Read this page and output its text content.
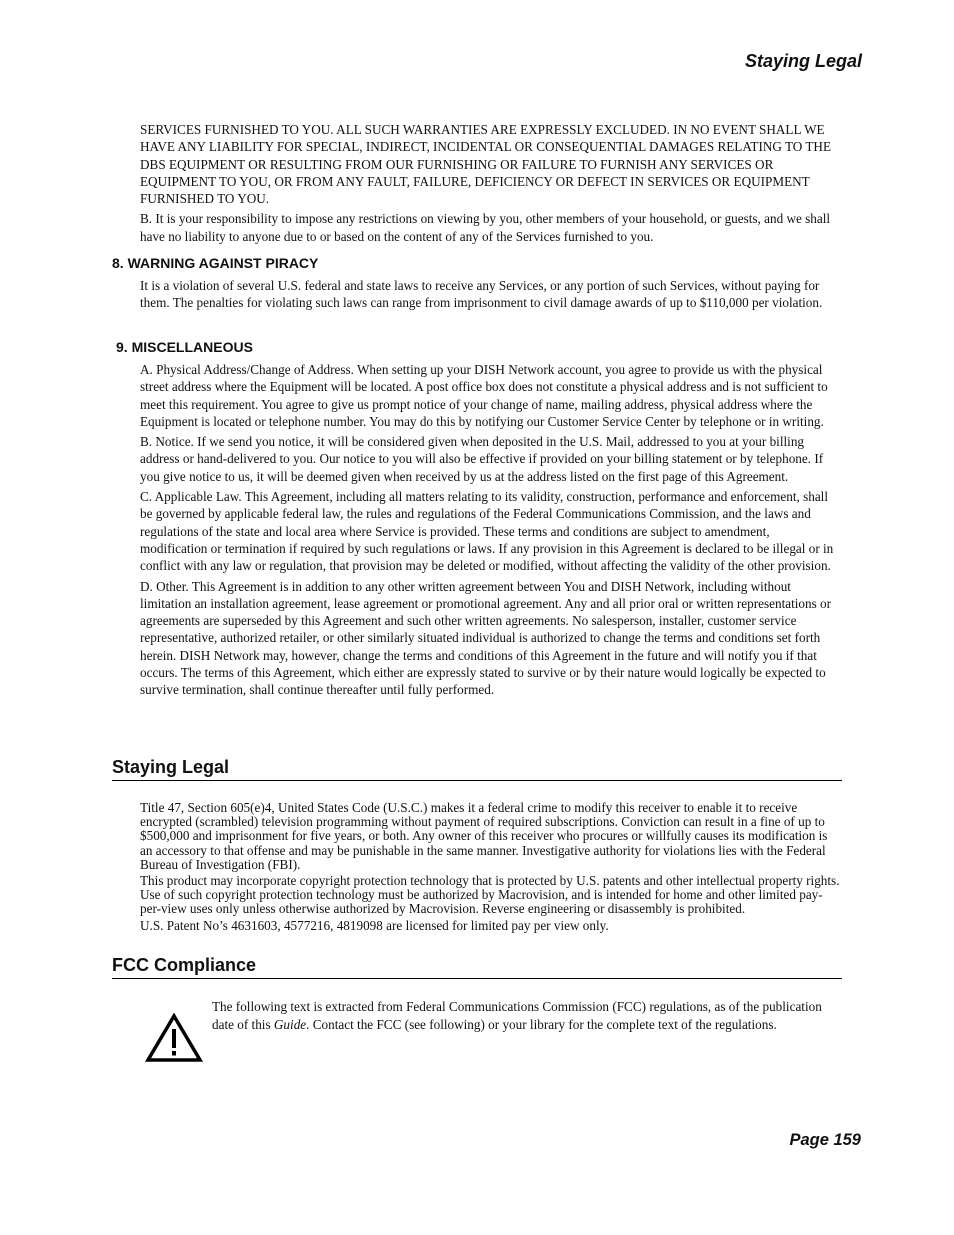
Staying Legal

SERVICES FURNISHED TO YOU. ALL SUCH WARRANTIES ARE EXPRESSLY EXCLUDED. IN NO EVENT SHALL WE HAVE ANY LIABILITY FOR SPECIAL, INDIRECT, INCIDENTAL OR CONSEQUENTIAL DAMAGES RELATING TO THE DBS EQUIPMENT OR RESULTING FROM OUR FURNISHING OR FAILURE TO FURNISH ANY SERVICES OR EQUIPMENT TO YOU, OR FROM ANY FAULT, FAILURE, DEFICIENCY OR DEFECT IN SERVICES OR EQUIPMENT FURNISHED TO YOU.

B. It is your responsibility to impose any restrictions on viewing by you, other members of your household, or guests, and we shall have no liability to anyone due to or based on the content of any of the Services furnished to you.

8. WARNING AGAINST PIRACY

It is a violation of several U.S. federal and state laws to receive any Services, or any portion of such Services, without paying for them. The penalties for violating such laws can range from imprisonment to civil damage awards of up to $110,000 per violation.

9. MISCELLANEOUS

A. Physical Address/Change of Address. When setting up your DISH Network account, you agree to provide us with the physical street address where the Equipment will be located. A post office box does not constitute a physical address and is not sufficient to meet this requirement. You agree to give us prompt notice of your change of name, mailing address, physical address where the Equipment is located or telephone number. You may do this by notifying our Customer Service Center by telephone or in writing.

B. Notice. If we send you notice, it will be considered given when deposited in the U.S. Mail, addressed to you at your billing address or hand-delivered to you. Our notice to you will also be effective if provided on your billing statement or by telephone. If you give notice to us, it will be deemed given when received by us at the address listed on the first page of this Agreement.

C. Applicable Law. This Agreement, including all matters relating to its validity, construction, performance and enforcement, shall be governed by applicable federal law, the rules and regulations of the Federal Communications Commission, and the laws and regulations of the state and local area where Service is provided. These terms and conditions are subject to amendment, modification or termination if required by such regulations or laws. If any provision in this Agreement is declared to be illegal or in conflict with any law or regulation, that provision may be deleted or modified, without affecting the validity of the other provision.

D. Other. This Agreement is in addition to any other written agreement between You and DISH Network, including without limitation an installation agreement, lease agreement or promotional agreement. Any and all prior oral or written representations or agreements are superseded by this Agreement and such other written agreements. No salesperson, installer, customer service representative, authorized retailer, or other similarly situated individual is authorized to change the terms and conditions set forth herein. DISH Network may, however, change the terms and conditions of this Agreement in the future and will notify you if that occurs. The terms of this Agreement, which either are expressly stated to survive or by their nature would logically be expected to survive termination, shall continue thereafter until fully performed.

Staying Legal

Title 47, Section 605(e)4, United States Code (U.S.C.) makes it a federal crime to modify this receiver to enable it to receive encrypted (scrambled) television programming without payment of required subscriptions. Conviction can result in a fine of up to $500,000 and imprisonment for five years, or both. Any owner of this receiver who procures or willfully causes its modification is an accessory to that offense and may be punishable in the same manner. Investigative authority for violations lies with the Federal Bureau of Investigation (FBI).

This product may incorporate copyright protection technology that is protected by U.S. patents and other intellectual property rights. Use of such copyright protection technology must be authorized by Macrovision, and is intended for home and other limited pay-per-view uses only unless otherwise authorized by Macrovision. Reverse engineering or disassembly is prohibited.

U.S. Patent No’s 4631603, 4577216, 4819098 are licensed for limited pay per view only.

FCC Compliance

The following text is extracted from Federal Communications Commission (FCC) regulations, as of the publication date of this Guide. Contact the FCC (see following) or your library for the complete text of the regulations.

Page 159
